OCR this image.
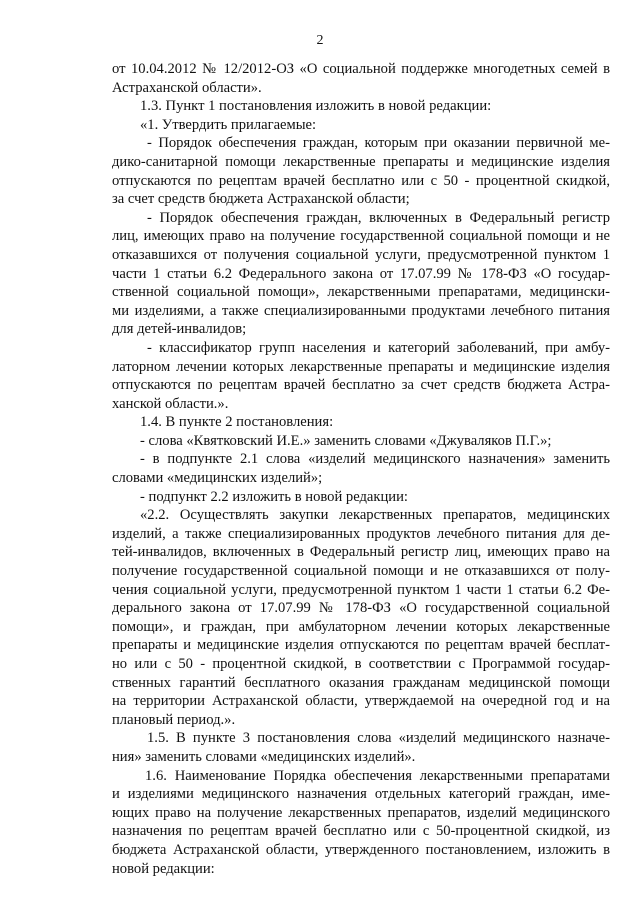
2
от 10.04.2012 № 12/2012-ОЗ «О социальной поддержке многодетных семей в
Астраханской области».
1.3. Пункт 1 постановления изложить в новой редакции:
«1. Утвердить прилагаемые:
- Порядок обеспечения граждан, которым при оказании первичной ме-
дико-санитарной помощи лекарственные препараты и медицинские изделия
отпускаются по рецептам врачей бесплатно или с 50 - процентной скидкой,
за счет средств бюджета Астраханской области;
- Порядок обеспечения граждан, включенных в Федеральный регистр
лиц, имеющих право на получение государственной социальной помощи и не
отказавшихся от получения социальной услуги, предусмотренной пунктом 1
части 1 статьи 6.2 Федерального закона от 17.07.99 № 178-ФЗ «О государ-
ственной социальной помощи», лекарственными препаратами, медицински-
ми изделиями, а также специализированными продуктами лечебного питания
для детей-инвалидов;
- классификатор групп населения и категорий заболеваний, при амбу-
латорном лечении которых лекарственные препараты и медицинские изделия
отпускаются по рецептам врачей бесплатно за счет средств бюджета Астра-
ханской области.».
1.4. В пункте 2 постановления:
- слова «Квятковский И.Е.» заменить словами «Джуваляков П.Г.»;
- в подпункте 2.1 слова «изделий медицинского назначения» заменить
словами «медицинских изделий»;
- подпункт 2.2 изложить в новой редакции:
«2.2. Осуществлять закупки лекарственных препаратов, медицинских
изделий, а также специализированных продуктов лечебного питания для де-
тей-инвалидов, включенных в Федеральный регистр лиц, имеющих право на
получение государственной социальной помощи и не отказавшихся от полу-
чения социальной услуги, предусмотренной пунктом 1 части 1 статьи 6.2 Фе-
дерального закона от 17.07.99 № 178-ФЗ «О государственной социальной
помощи», и граждан, при амбулаторном лечении которых лекарственные
препараты и медицинские изделия отпускаются по рецептам врачей бесплат-
но или с 50 - процентной скидкой, в соответствии с Программой государ-
ственных гарантий бесплатного оказания гражданам медицинской помощи
на территории Астраханской области, утверждаемой на очередной год и на
плановый период.».
1.5. В пункте 3 постановления слова «изделий медицинского назначе-
ния» заменить словами «медицинских изделий».
1.6. Наименование Порядка обеспечения лекарственными препаратами
и изделиями медицинского назначения отдельных категорий граждан, име-
ющих право на получение лекарственных препаратов, изделий медицинского
назначения по рецептам врачей бесплатно или с 50-процентной скидкой, из
бюджета Астраханской области, утвержденного постановлением, изложить в
новой редакции:
